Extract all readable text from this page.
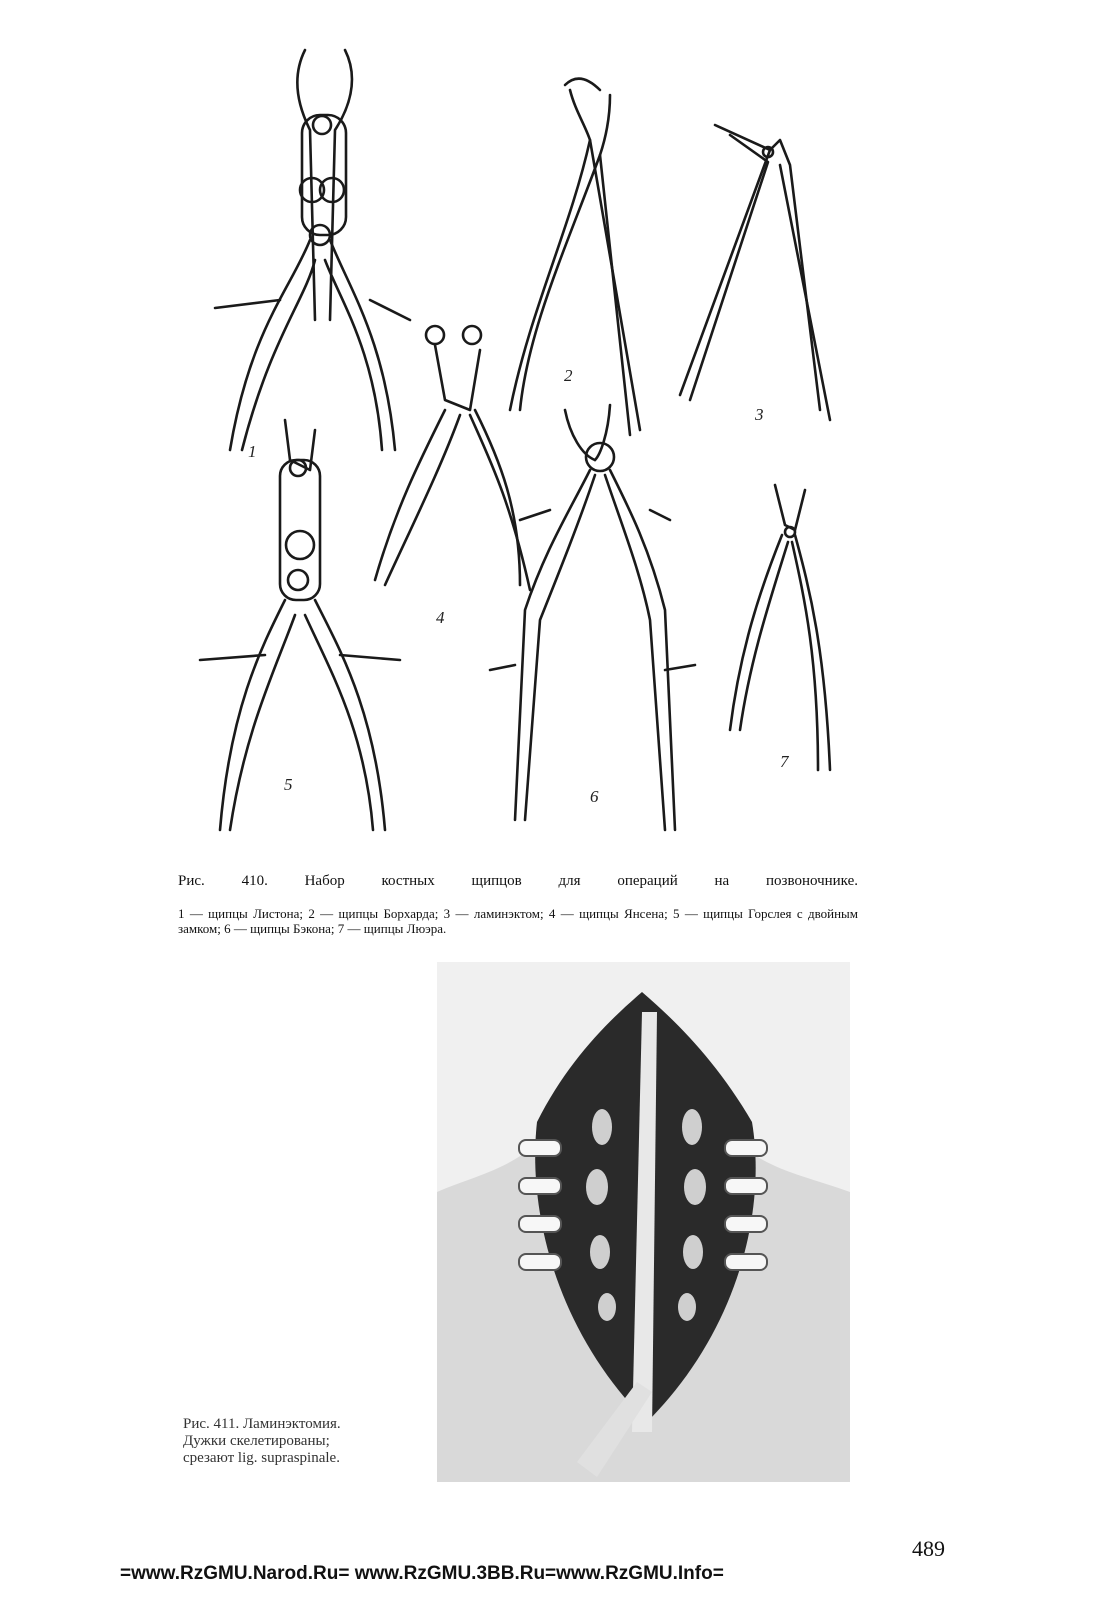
1
2
3
4
5
6
7
Рис. 410. Набор костных щипцов для операций на позвоночнике.
1 — щипцы Листона; 2 — щипцы Борхарда; 3 — ламинэктом; 4 — щипцы Янсена; 5 — щипцы Горслея с двойным замком; 6 — щипцы Бэкона; 7 — щипцы Люэра.
Рис. 411. Ламинэктомия.
Дужки скелетированы;
срезают lig. supraspinale.
489
=www.RzGMU.Narod.Ru= www.RzGMU.3BB.Ru=www.RzGMU.Info=
